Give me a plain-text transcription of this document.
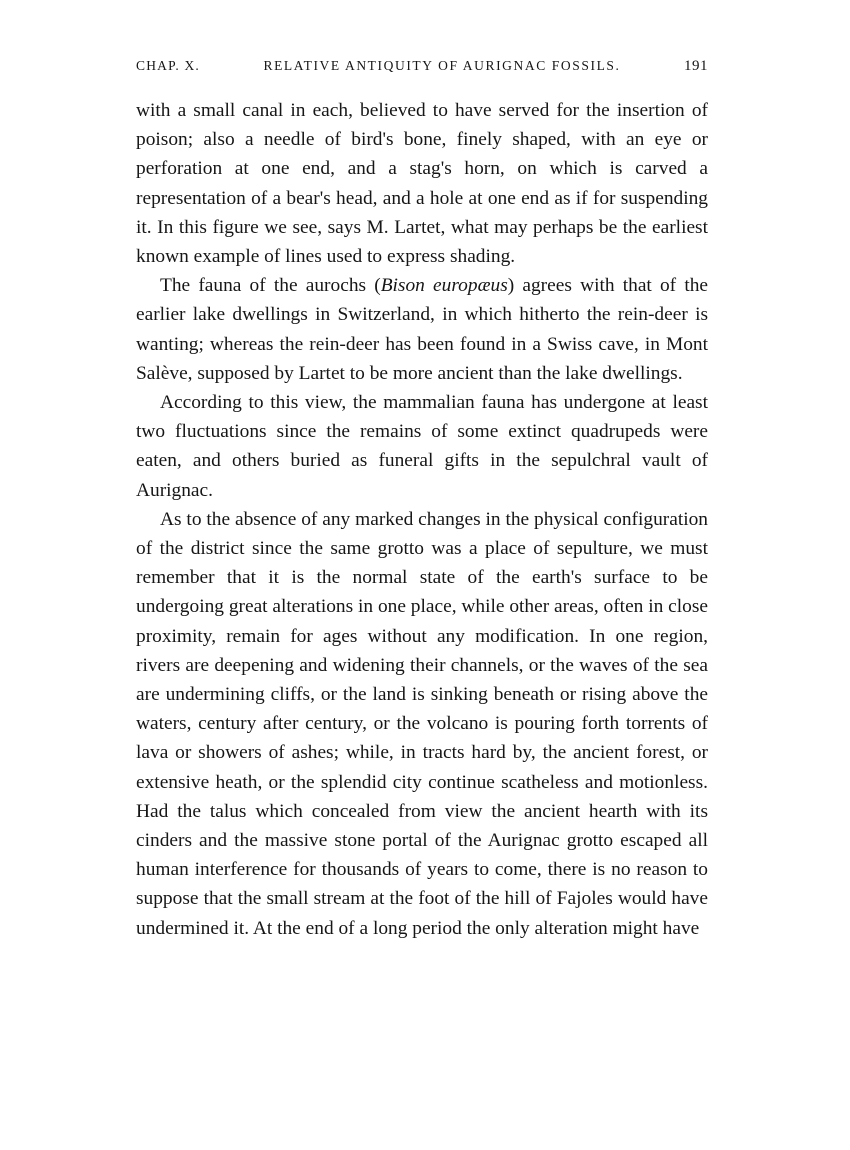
CHAP. X.	RELATIVE ANTIQUITY OF AURIGNAC FOSSILS.	191

with a small canal in each, believed to have served for the insertion of poison; also a needle of bird's bone, finely shaped, with an eye or perforation at one end, and a stag's horn, on which is carved a representation of a bear's head, and a hole at one end as if for suspending it. In this figure we see, says M. Lartet, what may perhaps be the earliest known example of lines used to express shading.

The fauna of the aurochs (Bison europæus) agrees with that of the earlier lake dwellings in Switzerland, in which hitherto the rein-deer is wanting; whereas the rein-deer has been found in a Swiss cave, in Mont Salève, supposed by Lartet to be more ancient than the lake dwellings.

According to this view, the mammalian fauna has undergone at least two fluctuations since the remains of some extinct quadrupeds were eaten, and others buried as funeral gifts in the sepulchral vault of Aurignac.

As to the absence of any marked changes in the physical configuration of the district since the same grotto was a place of sepulture, we must remember that it is the normal state of the earth's surface to be undergoing great alterations in one place, while other areas, often in close proximity, remain for ages without any modification. In one region, rivers are deepening and widening their channels, or the waves of the sea are undermining cliffs, or the land is sinking beneath or rising above the waters, century after century, or the volcano is pouring forth torrents of lava or showers of ashes; while, in tracts hard by, the ancient forest, or extensive heath, or the splendid city continue scatheless and motionless. Had the talus which concealed from view the ancient hearth with its cinders and the massive stone portal of the Aurignac grotto escaped all human interference for thousands of years to come, there is no reason to suppose that the small stream at the foot of the hill of Fajoles would have undermined it. At the end of a long period the only alteration might have
